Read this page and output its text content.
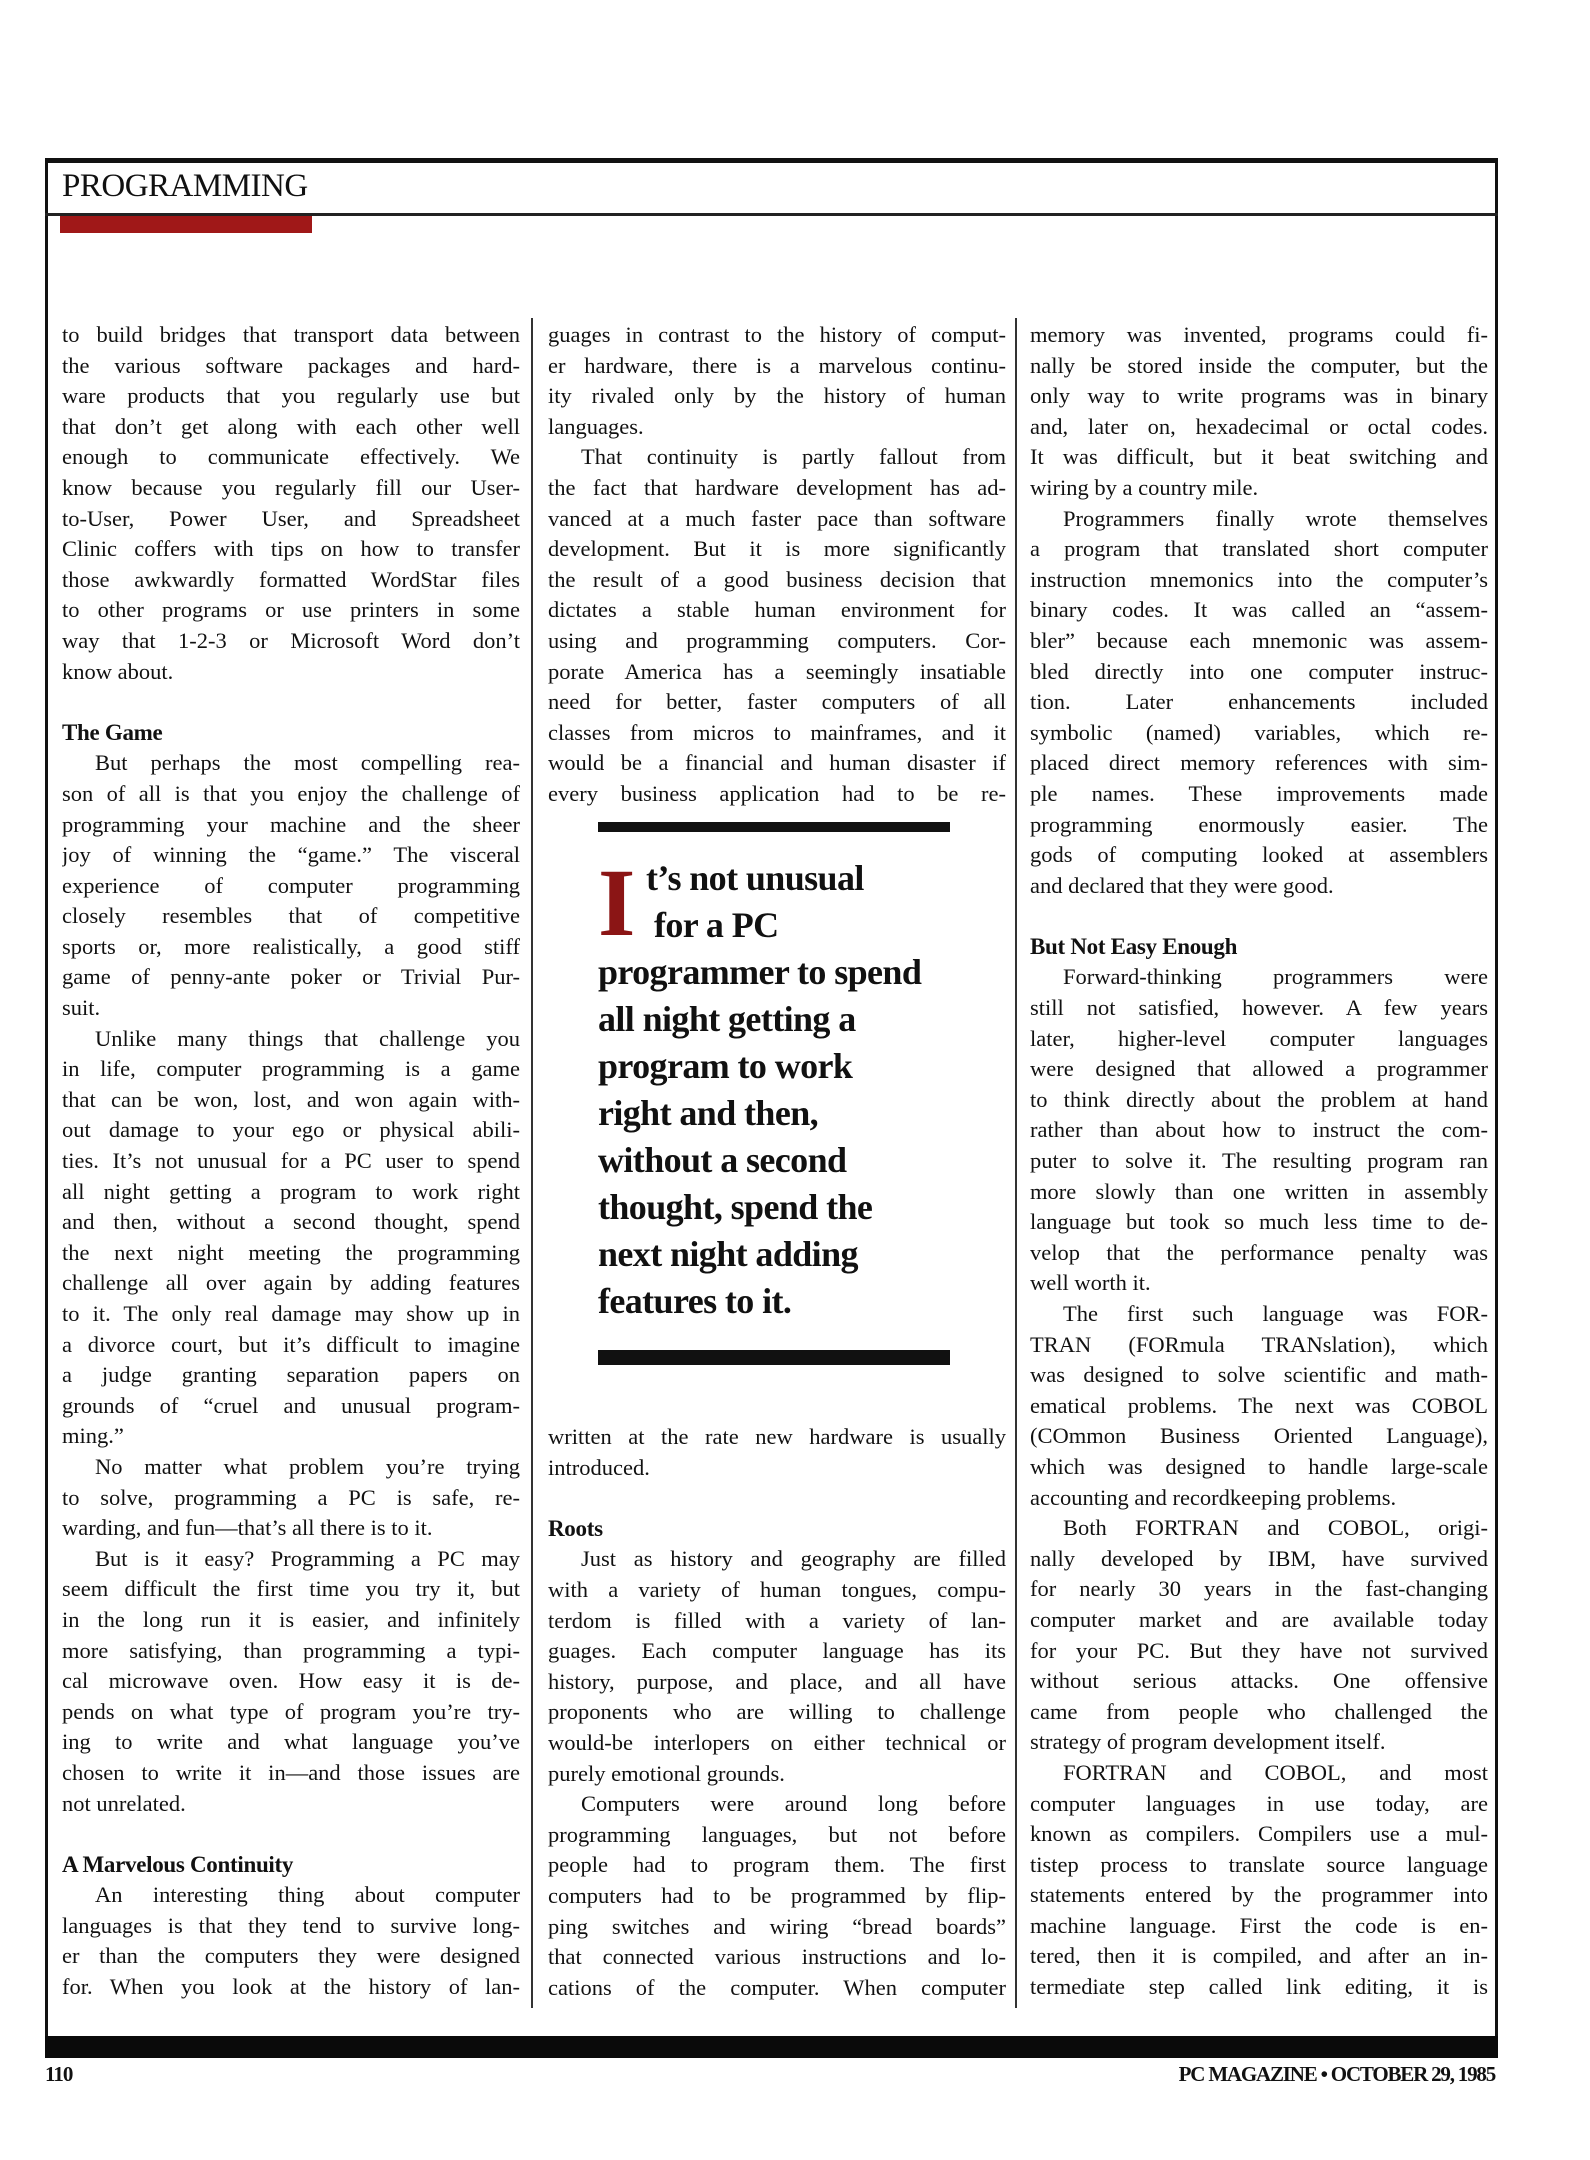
PROGRAMMING
to build bridges that transport data between
the various software packages and hard-
ware products that you regularly use but
that don’t get along with each other well
enough to communicate effectively. We
know because you regularly fill our User-
to-User, Power User, and Spreadsheet
Clinic coffers with tips on how to transfer
those awkwardly formatted WordStar files
to other programs or use printers in some
way that 1-2-3 or Microsoft Word don’t
know about.
The Game
But perhaps the most compelling rea-
son of all is that you enjoy the challenge of
programming your machine and the sheer
joy of winning the “game.” The visceral
experience of computer programming
closely resembles that of competitive
sports or, more realistically, a good stiff
game of penny-ante poker or Trivial Pur-
suit.
Unlike many things that challenge you
in life, computer programming is a game
that can be won, lost, and won again with-
out damage to your ego or physical abili-
ties. It’s not unusual for a PC user to spend
all night getting a program to work right
and then, without a second thought, spend
the next night meeting the programming
challenge all over again by adding features
to it. The only real damage may show up in
a divorce court, but it’s difficult to imagine
a judge granting separation papers on
grounds of “cruel and unusual program-
ming.”
No matter what problem you’re trying
to solve, programming a PC is safe, re-
warding, and fun—that’s all there is to it.
But is it easy? Programming a PC may
seem difficult the first time you try it, but
in the long run it is easier, and infinitely
more satisfying, than programming a typi-
cal microwave oven. How easy it is de-
pends on what type of program you’re try-
ing to write and what language you’ve
chosen to write it in—and those issues are
not unrelated.
A Marvelous Continuity
An interesting thing about computer
languages is that they tend to survive long-
er than the computers they were designed
for. When you look at the history of lan-
guages in contrast to the history of comput-
er hardware, there is a marvelous continu-
ity rivaled only by the history of human
languages.
That continuity is partly fallout from
the fact that hardware development has ad-
vanced at a much faster pace than software
development. But it is more significantly
the result of a good business decision that
dictates a stable human environment for
using and programming computers. Cor-
porate America has a seemingly insatiable
need for better, faster computers of all
classes from micros to mainframes, and it
would be a financial and human disaster if
every business application had to be re-
written at the rate new hardware is usually
introduced.
Roots
Just as history and geography are filled
with a variety of human tongues, compu-
terdom is filled with a variety of lan-
guages. Each computer language has its
history, purpose, and place, and all have
proponents who are willing to challenge
would-be interlopers on either technical or
purely emotional grounds.
Computers were around long before
programming languages, but not before
people had to program them. The first
computers had to be programmed by flip-
ping switches and wiring “bread boards”
that connected various instructions and lo-
cations of the computer. When computer
memory was invented, programs could fi-
nally be stored inside the computer, but the
only way to write programs was in binary
and, later on, hexadecimal or octal codes.
It was difficult, but it beat switching and
wiring by a country mile.
Programmers finally wrote themselves
a program that translated short computer
instruction mnemonics into the computer’s
binary codes. It was called an “assem-
bler” because each mnemonic was assem-
bled directly into one computer instruc-
tion. Later enhancements included
symbolic (named) variables, which re-
placed direct memory references with sim-
ple names. These improvements made
programming enormously easier. The
gods of computing looked at assemblers
and declared that they were good.
But Not Easy Enough
Forward-thinking programmers were
still not satisfied, however. A few years
later, higher-level computer languages
were designed that allowed a programmer
to think directly about the problem at hand
rather than about how to instruct the com-
puter to solve it. The resulting program ran
more slowly than one written in assembly
language but took so much less time to de-
velop that the performance penalty was
well worth it.
The first such language was FOR-
TRAN (FORmula TRANslation), which
was designed to solve scientific and math-
ematical problems. The next was COBOL
(COmmon Business Oriented Language),
which was designed to handle large-scale
accounting and recordkeeping problems.
Both FORTRAN and COBOL, origi-
nally developed by IBM, have survived
for nearly 30 years in the fast-changing
computer market and are available today
for your PC. But they have not survived
without serious attacks. One offensive
came from people who challenged the
strategy of program development itself.
FORTRAN and COBOL, and most
computer languages in use today, are
known as compilers. Compilers use a mul-
tistep process to translate source language
statements entered by the programmer into
machine language. First the code is en-
tered, then it is compiled, and after an in-
termediate step called link editing, it is
I t’s not unusual
for a PC
programmer to spend
all night getting a
program to work
right and then,
without a second
thought, spend the
next night adding
features to it.
110	PC MAGAZINE • OCTOBER 29, 1985
